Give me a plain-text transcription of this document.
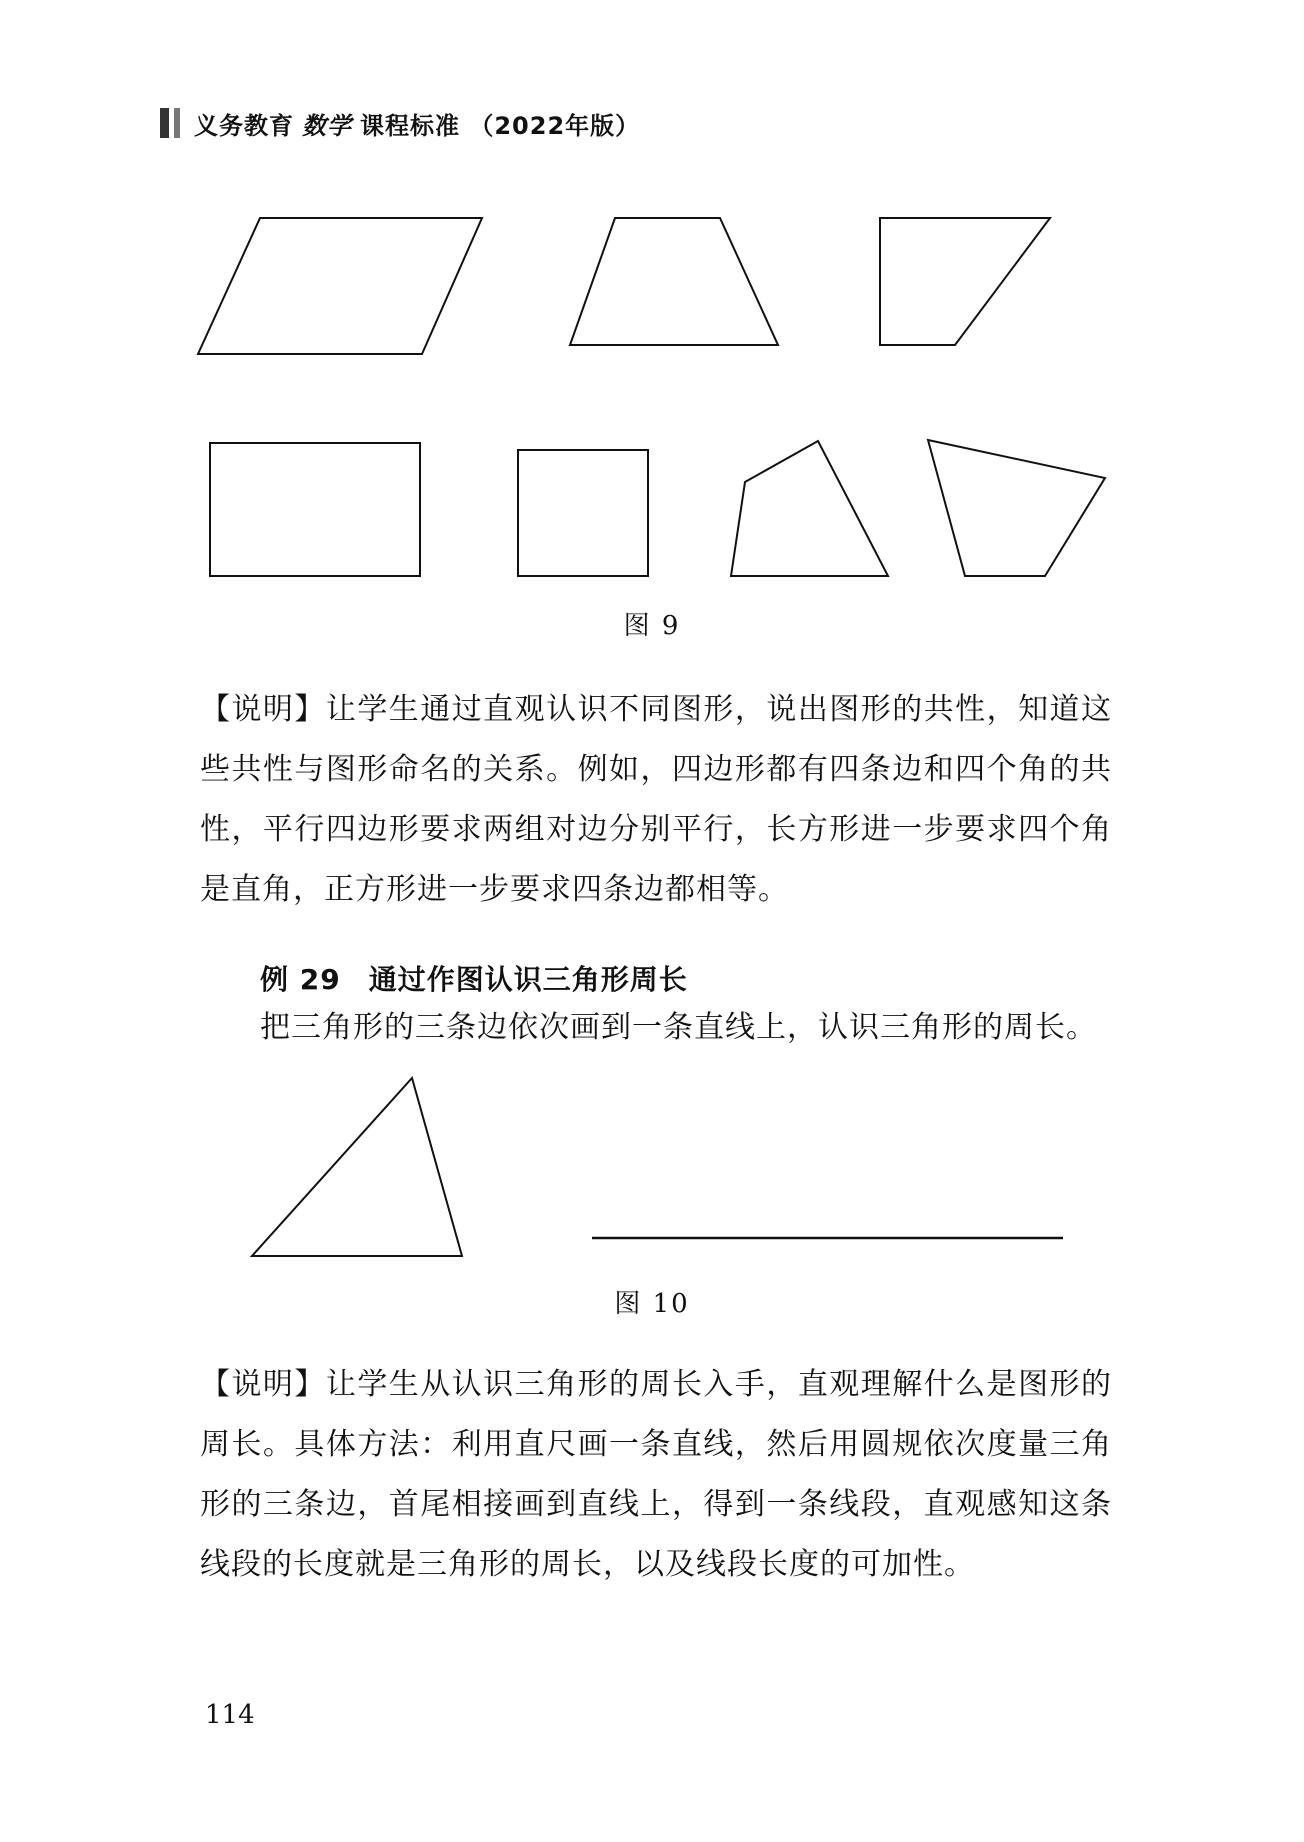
义务教育 数学 课程标准 （2022年版）
图 9

【说明】让学生通过直观认识不同图形，说出图形的共性，知道这些共性与图形命名的关系。例如，四边形都有四条边和四个角的共性，平行四边形要求两组对边分别平行，长方形进一步要求四个角是直角，正方形进一步要求四条边都相等。

例 29 通过作图认识三角形周长
把三角形的三条边依次画到一条直线上，认识三角形的周长。
图 10

【说明】让学生从认识三角形的周长入手，直观理解什么是图形的周长。具体方法：利用直尺画一条直线，然后用圆规依次度量三角形的三条边，首尾相接画到直线上，得到一条线段，直观感知这条线段的长度就是三角形的周长，以及线段长度的可加性。

114
